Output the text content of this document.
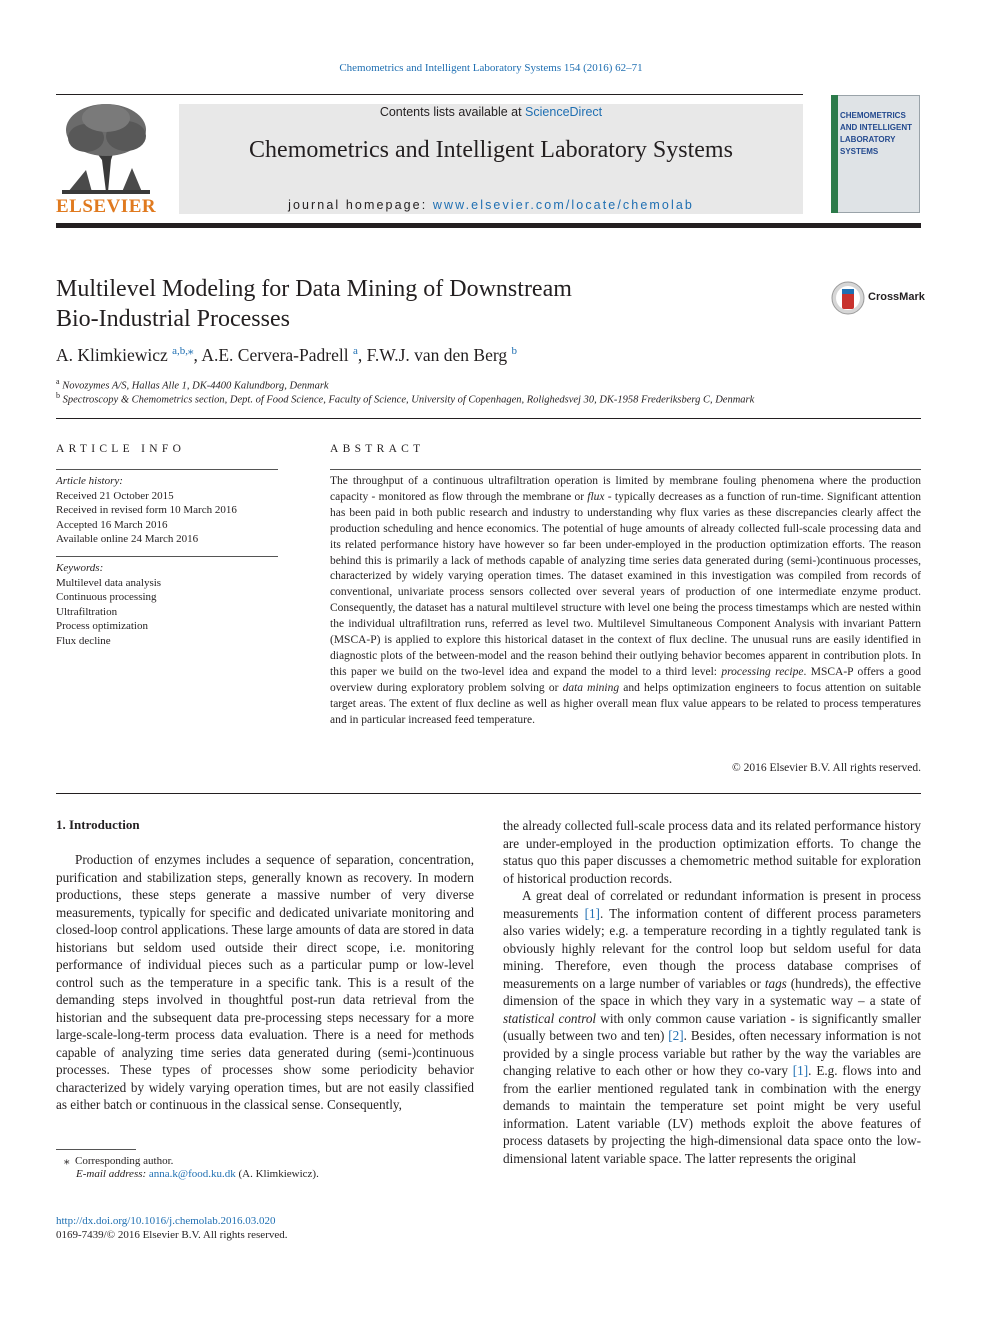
Chemometrics and Intelligent Laboratory Systems 154 (2016) 62–71
ELSEVIER
Contents lists available at ScienceDirect
Chemometrics and Intelligent Laboratory Systems
journal homepage: www.elsevier.com/locate/chemolab
CHEMOMETRICS
AND INTELLIGENT
LABORATORY
SYSTEMS
Multilevel Modeling for Data Mining of Downstream
Bio-Industrial Processes
CrossMark
A. Klimkiewicz $^{a,b,⁎}$, A.E. Cervera-Padrell $^a$, F.W.J. van den Berg $^b$
$^a$ Novozymes A/S, Hallas Alle 1, DK-4400 Kalundborg, Denmark
$^b$ Spectroscopy & Chemometrics section, Dept. of Food Science, Faculty of Science, University of Copenhagen, Rolighedsvej 30, DK-1958 Frederiksberg C, Denmark
ARTICLE INFO
Article history:
Received 21 October 2015
Received in revised form 10 March 2016
Accepted 16 March 2016
Available online 24 March 2016
Keywords:
Multilevel data analysis
Continuous processing
Ultrafiltration
Process optimization
Flux decline
ABSTRACT
The throughput of a continuous ultrafiltration operation is limited by membrane fouling phenomena where the production capacity - monitored as flow through the membrane or flux - typically decreases as a function of run-time. Significant attention has been paid in both public research and industry to understanding why flux varies as these discrepancies clearly affect the production scheduling and hence economics. The potential of huge amounts of already collected full-scale processing data and its related performance history have however so far been under-employed in the production optimization efforts. The reason behind this is primarily a lack of methods capable of analyzing time series data generated during (semi-)continuous processes, characterized by widely varying operation times. The dataset examined in this investigation was compiled from records of conventional, univariate process sensors collected over several years of production of one intermediate enzyme product. Consequently, the dataset has a natural multilevel structure with level one being the process timestamps which are nested within the individual ultrafiltration runs, referred as level two. Multilevel Simultaneous Component Analysis with invariant Pattern (MSCA-P) is applied to explore this historical dataset in the context of flux decline. The unusual runs are easily identified in diagnostic plots of the between-model and the reason behind their outlying behavior becomes apparent in contribution plots. In this paper we build on the two-level idea and expand the model to a third level: processing recipe. MSCA-P offers a good overview during exploratory problem solving or data mining and helps optimization engineers to focus attention on suitable target areas. The extent of flux decline as well as higher overall mean flux value appears to be related to process temperatures and in particular increased feed temperature.
© 2016 Elsevier B.V. All rights reserved.
1. Introduction

Production of enzymes includes a sequence of separation, concentration, purification and stabilization steps, generally known as recovery. In modern productions, these steps generate a massive number of very diverse measurements, typically for specific and dedicated univariate monitoring and closed-loop control applications. These large amounts of data are stored in data historians but seldom used outside their direct scope, i.e. monitoring performance of individual pieces such as a particular pump or low-level control such as the temperature in a specific tank. This is a result of the demanding steps involved in thoughtful post-run data retrieval from the historian and the subsequent data pre-processing steps necessary for a more large-scale-long-term process data evaluation. There is a need for methods capable of analyzing time series data generated during (semi-)continuous processes. These types of processes show some periodicity behavior characterized by widely varying operation times, but are not easily classified as either batch or continuous in the classical sense. Consequently,

the already collected full-scale process data and its related performance history are under-employed in the production optimization efforts. To change the status quo this paper discusses a chemometric method suitable for exploration of historical production records.

A great deal of correlated or redundant information is present in process measurements [1]. The information content of different process parameters also varies widely; e.g. a temperature recording in a tightly regulated tank is obviously highly relevant for the control loop but seldom useful for data mining. Therefore, even though the process database comprises of measurements on a large number of variables or tags (hundreds), the effective dimension of the space in which they vary in a systematic way – a state of statistical control with only common cause variation - is significantly smaller (usually between two and ten) [2]. Besides, often necessary information is not provided by a single process variable but rather by the way the variables are changing relative to each other or how they co-vary [1]. E.g. flows into and from the earlier mentioned regulated tank in combination with the energy demands to maintain the temperature set point might be very useful information. Latent variable (LV) methods exploit the above features of process datasets by projecting the high-dimensional data space onto the low-dimensional latent variable space. The latter represents the original

⁎ Corresponding author.
E-mail address: anna.k@food.ku.dk (A. Klimkiewicz).
http://dx.doi.org/10.1016/j.chemolab.2016.03.020
0169-7439/© 2016 Elsevier B.V. All rights reserved.
